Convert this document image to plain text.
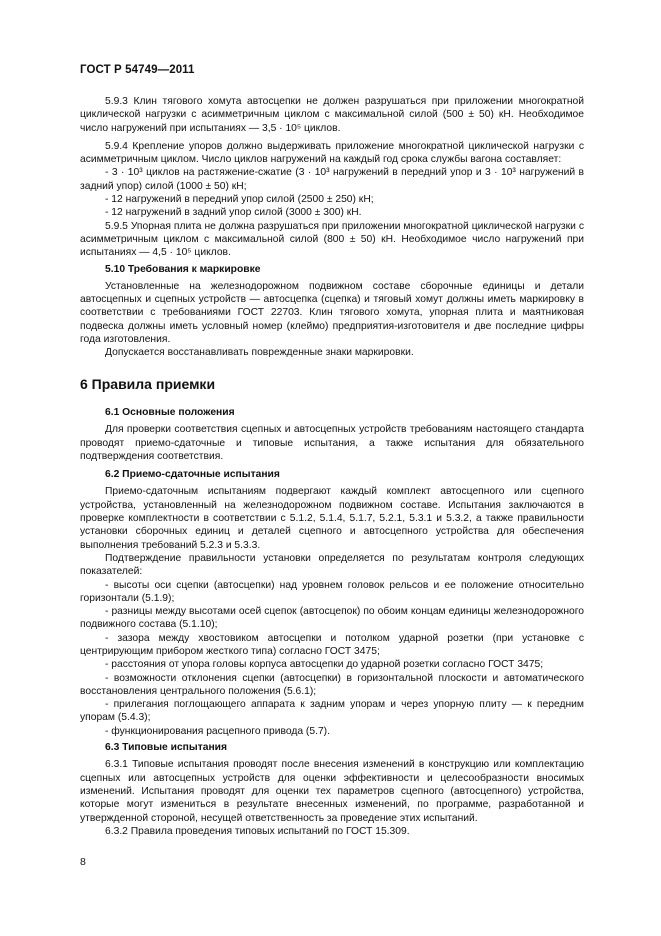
ГОСТ Р 54749—2011

5.9.3 Клин тягового хомута автосцепки не должен разрушаться при приложении многократной циклической нагрузки с асимметричным циклом с максимальной силой (500 ± 50) кН. Необходимое число нагружений при испытаниях — 3,5 · 10⁵ циклов.

5.9.4 Крепление упоров должно выдерживать приложение многократной циклической нагрузки с асимметричным циклом. Число циклов нагружений на каждый год срока службы вагона составляет:

- 3 · 10³ циклов на растяжение-сжатие (3 · 10³ нагружений в передний упор и 3 · 10³ нагружений в задний упор) силой (1000 ± 50) кН;

- 12 нагружений в передний упор силой (2500 ± 250) кН;

- 12 нагружений в задний упор силой (3000 ± 300) кН.

5.9.5 Упорная плита не должна разрушаться при приложении многократной циклической нагрузки с асимметричным циклом с максимальной силой (800 ± 50) кН. Необходимое число нагружений при испытаниях — 4,5 · 10⁵ циклов.

5.10 Требования к маркировке

Установленные на железнодорожном подвижном составе сборочные единицы и детали автосцепных и сцепных устройств — автосцепка (сцепка) и тяговый хомут должны иметь маркировку в соответствии с требованиями ГОСТ 22703. Клин тягового хомута, упорная плита и маятниковая подвеска должны иметь условный номер (клеймо) предприятия-изготовителя и две последние цифры года изготовления.

Допускается восстанавливать поврежденные знаки маркировки.

6 Правила приемки

6.1 Основные положения

Для проверки соответствия сцепных и автосцепных устройств требованиям настоящего стандарта проводят приемо-сдаточные и типовые испытания, а также испытания для обязательного подтверждения соответствия.

6.2 Приемо-сдаточные испытания

Приемо-сдаточным испытаниям подвергают каждый комплект автосцепного или сцепного устройства, установленный на железнодорожном подвижном составе. Испытания заключаются в проверке комплектности в соответствии с 5.1.2, 5.1.4, 5.1.7, 5.2.1, 5.3.1 и 5.3.2, а также правильности установки сборочных единиц и деталей сцепного и автосцепного устройства для обеспечения выполнения требований 5.2.3 и 5.3.3.

Подтверждение правильности установки определяется по результатам контроля следующих показателей:

- высоты оси сцепки (автосцепки) над уровнем головок рельсов и ее положение относительно горизонтали (5.1.9);

- разницы между высотами осей сцепок (автосцепок) по обоим концам единицы железнодорожного подвижного состава (5.1.10);

- зазора между хвостовиком автосцепки и потолком ударной розетки (при установке с центрирующим прибором жесткого типа) согласно ГОСТ 3475;

- расстояния от упора головы корпуса автосцепки до ударной розетки согласно ГОСТ 3475;

- возможности отклонения сцепки (автосцепки) в горизонтальной плоскости и автоматического восстановления центрального положения (5.6.1);

- прилегания поглощающего аппарата к задним упорам и через упорную плиту — к передним упорам (5.4.3);

- функционирования расцепного привода (5.7).

6.3 Типовые испытания

6.3.1 Типовые испытания проводят после внесения изменений в конструкцию или комплектацию сцепных или автосцепных устройств для оценки эффективности и целесообразности вносимых изменений. Испытания проводят для оценки тех параметров сцепного (автосцепного) устройства, которые могут измениться в результате внесенных изменений, по программе, разработанной и утвержденной стороной, несущей ответственность за проведение этих испытаний.

6.3.2 Правила проведения типовых испытаний по ГОСТ 15.309.

8
